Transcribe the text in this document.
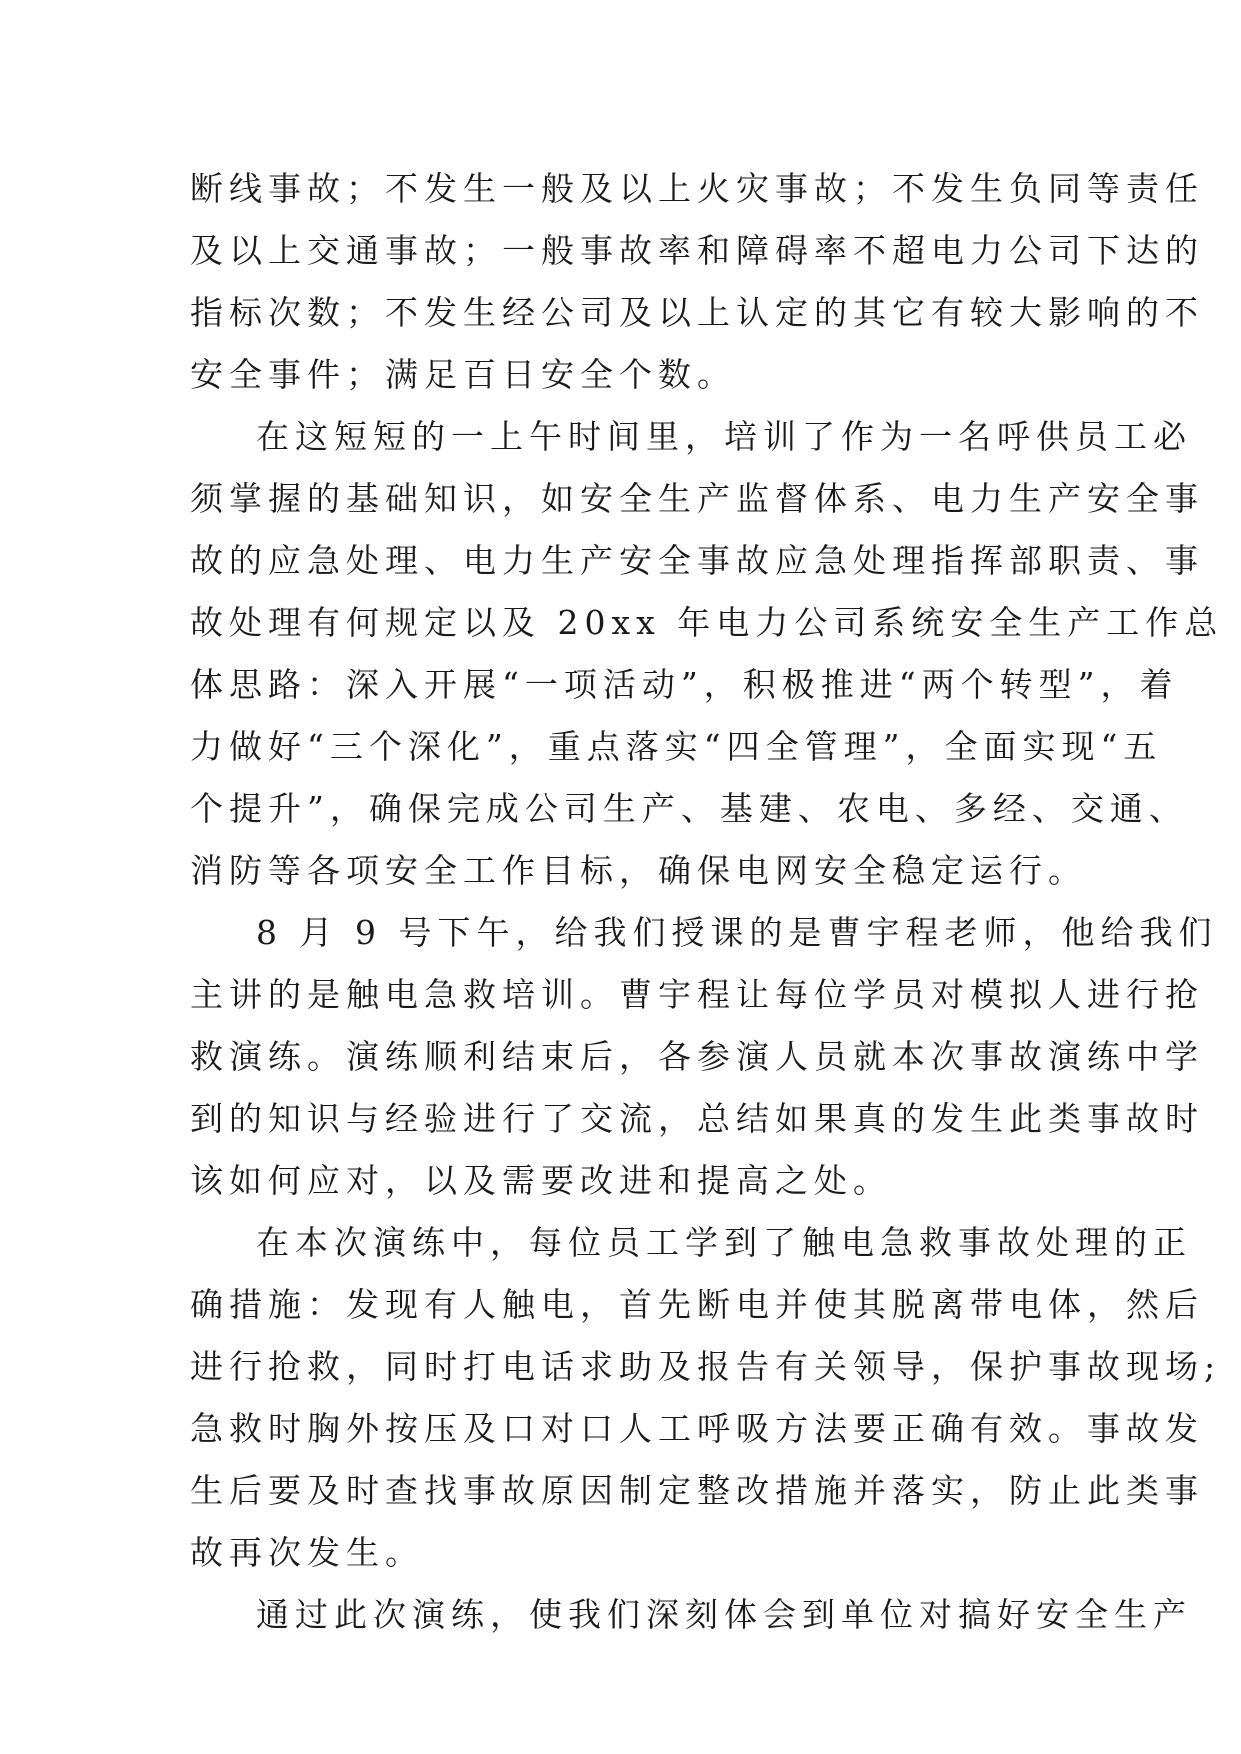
断线事故；不发生一般及以上火灾事故；不发生负同等责任
及以上交通事故；一般事故率和障碍率不超电力公司下达的
指标次数；不发生经公司及以上认定的其它有较大影响的不
安全事件；满足百日安全个数。

在这短短的一上午时间里，培训了作为一名呼供员工必
须掌握的基础知识，如安全生产监督体系、电力生产安全事
故的应急处理、电力生产安全事故应急处理指挥部职责、事
故处理有何规定以及 20xx 年电力公司系统安全生产工作总
体思路：深入开展“一项活动”，积极推进“两个转型”，着
力做好“三个深化”，重点落实“四全管理”，全面实现“五
个提升”，确保完成公司生产、基建、农电、多经、交通、
消防等各项安全工作目标，确保电网安全稳定运行。

8 月 9 号下午，给我们授课的是曹宇程老师，他给我们
主讲的是触电急救培训。曹宇程让每位学员对模拟人进行抢
救演练。演练顺利结束后，各参演人员就本次事故演练中学
到的知识与经验进行了交流，总结如果真的发生此类事故时
该如何应对，以及需要改进和提高之处。

在本次演练中，每位员工学到了触电急救事故处理的正
确措施：发现有人触电，首先断电并使其脱离带电体，然后
进行抢救，同时打电话求助及报告有关领导，保护事故现场;
急救时胸外按压及口对口人工呼吸方法要正确有效。事故发
生后要及时查找事故原因制定整改措施并落实，防止此类事
故再次发生。

通过此次演练，使我们深刻体会到单位对搞好安全生产
